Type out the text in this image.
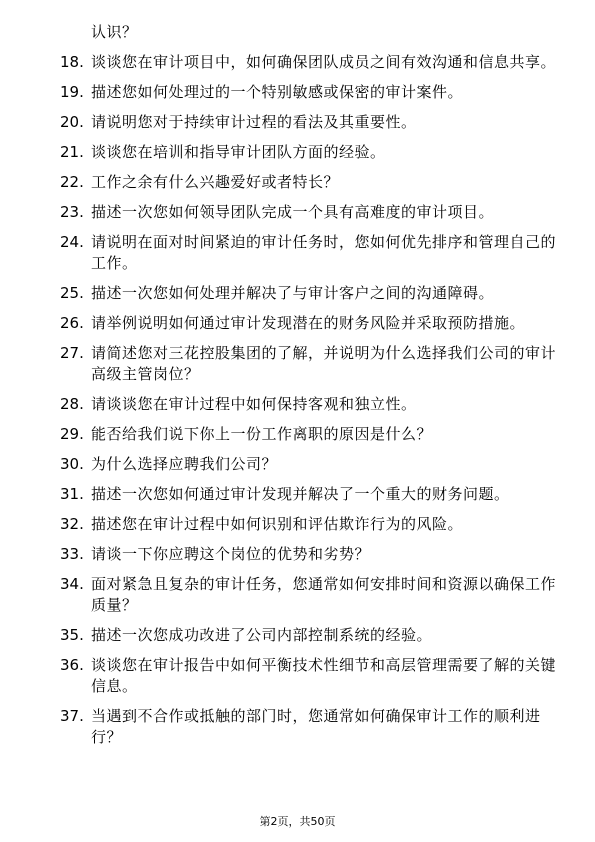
认识？
18. 谈谈您在审计项目中，如何确保团队成员之间有效沟通和信息共享。
19. 描述您如何处理过的一个特别敏感或保密的审计案件。
20. 请说明您对于持续审计过程的看法及其重要性。
21. 谈谈您在培训和指导审计团队方面的经验。
22. 工作之余有什么兴趣爱好或者特长？
23. 描述一次您如何领导团队完成一个具有高难度的审计项目。
24. 请说明在面对时间紧迫的审计任务时，您如何优先排序和管理自己的工作。
25. 描述一次您如何处理并解决了与审计客户之间的沟通障碍。
26. 请举例说明如何通过审计发现潜在的财务风险并采取预防措施。
27. 请简述您对三花控股集团的了解，并说明为什么选择我们公司的审计高级主管岗位？
28. 请谈谈您在审计过程中如何保持客观和独立性。
29. 能否给我们说下你上一份工作离职的原因是什么？
30. 为什么选择应聘我们公司？
31. 描述一次您如何通过审计发现并解决了一个重大的财务问题。
32. 描述您在审计过程中如何识别和评估欺诈行为的风险。
33. 请谈一下你应聘这个岗位的优势和劣势？
34. 面对紧急且复杂的审计任务，您通常如何安排时间和资源以确保工作质量？
35. 描述一次您成功改进了公司内部控制系统的经验。
36. 谈谈您在审计报告中如何平衡技术性细节和高层管理需要了解的关键信息。
37. 当遇到不合作或抵触的部门时，您通常如何确保审计工作的顺利进行？
第2页，共50页
